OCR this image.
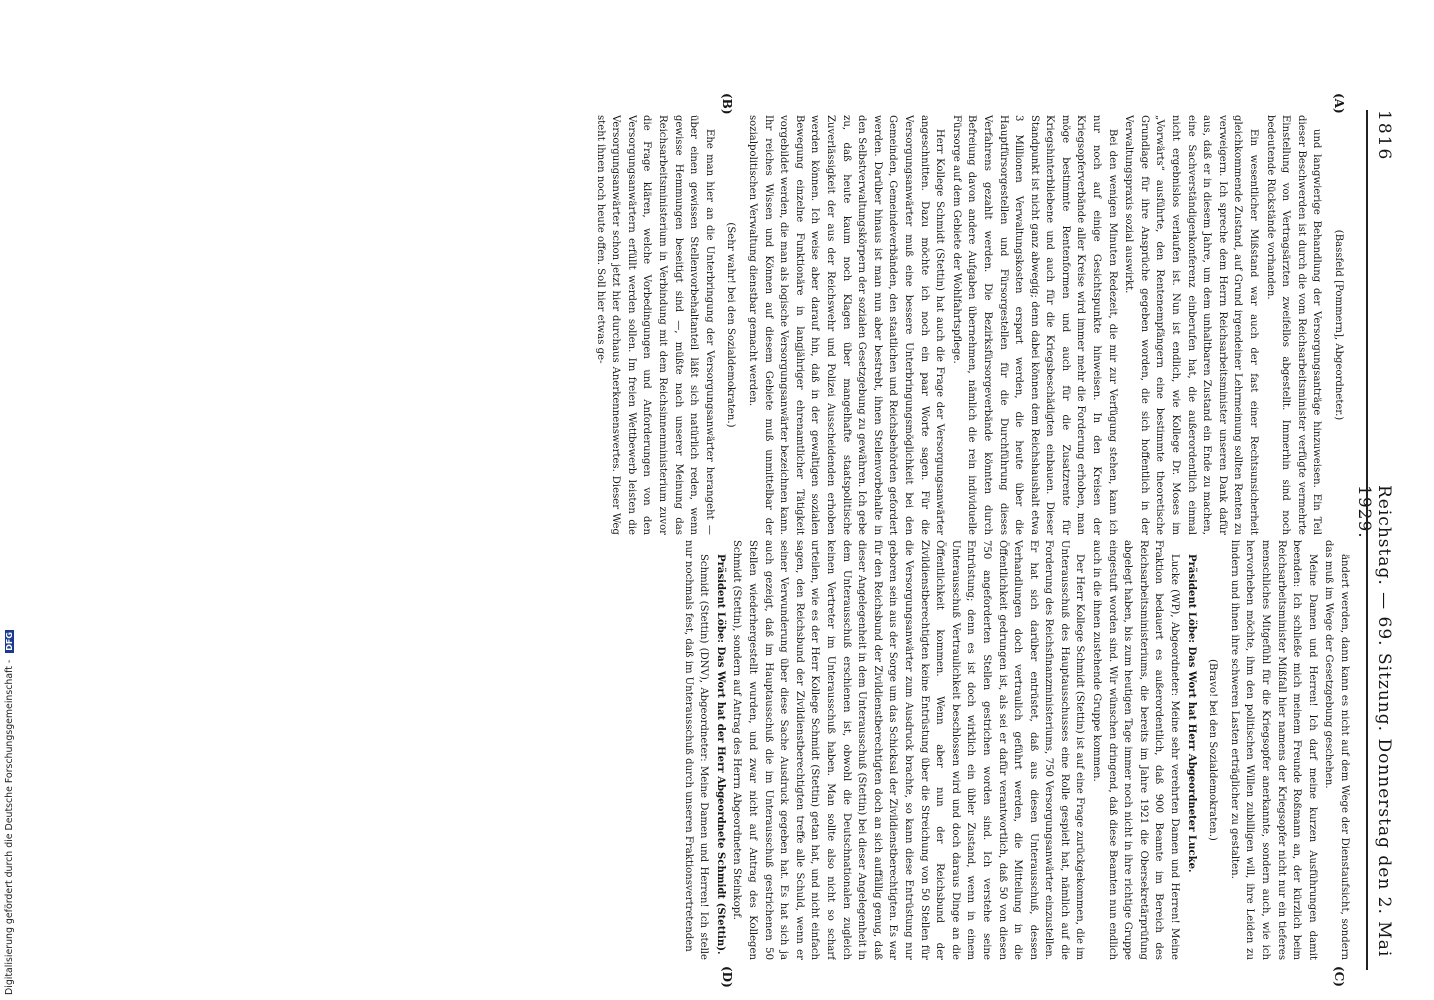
1816
Reichstag. — 69. Sitzung. Donnerstag den 2. Mai 1929.
(A)
(B)
(C)
(D)

(Bassfeld [Pommern], Abgeordneter.)

und langwierige Behandlung der Versorgungsanträge hinzuweisen. Ein Teil dieser Beschwerden ist durch die vom Reichsarbeitsminister verfügte vermehrte Einstellung von Vertragsärzten zweifellos abgestellt. Immerhin sind noch bedeutende Rückstände vorhanden.

Ein wesentlicher Mißstand war auch der fast einer Rechtsunsicherheit gleichkommende Zustand, auf Grund irgendeiner Lehrmeinung sollten Renten zu verweigern. Ich spreche dem Herrn Reichsarbeitsminister unseren Dank dafür aus, daß er in diesem Jahre, um dem unhaltbaren Zustand ein Ende zu machen, eine Sachverständigenkonferenz einberufen hat, die außerordentlich einmal nicht ergebnislos verlaufen ist. Nun ist endlich, wie Kollege Dr. Moses im „Vorwärts“ ausführte, den Rentenempfängern eine bestimmte theoretische Grundlage für ihre Ansprüche gegeben worden, die sich hoffentlich in der Verwaltungspraxis sozial auswirkt.

Bei den wenigen Minuten Redezeit, die mir zur Verfügung stehen, kann ich nur noch auf einige Gesichtspunkte hinweisen. In den Kreisen der Kriegsopferverbände aller Kreise wird immer mehr die Forderung erhoben, man möge bestimmte Rentenformen und auch für die Zusatzrente für Kriegshinterbliebene und auch für die Kriegsbeschädigten einbauen. Dieser Standpunkt ist nicht ganz abwegig; denn dabei können dem Reichshaushalt etwa 3 Millionen Verwaltungskosten erspart werden, die heute über die Hauptfürsorgestellen und Fürsorgestellen für die Durchführung dieses Verfahrens gezahlt werden. Die Bezirksfürsorgeverbände könnten durch Befreiung davon andere Aufgaben übernehmen, nämlich die rein individuelle Fürsorge auf dem Gebiete der Wohlfahrtspflege.

Herr Kollege Schmidt (Stettin) hat auch die Frage der Versorgungsanwärter angeschnitten. Dazu möchte ich noch ein paar Worte sagen. Für die Versorgungsanwärter muß eine bessere Unterbringungsmöglichkeit bei den Gemeinden, Gemeindeverbänden, den staatlichen und Reichsbehörden gefordert werden. Darüber hinaus ist man nun aber bestrebt, ihnen Stellenvorbehalte in den Selbstverwaltungskörpern der sozialen Gesetzgebung zu gewähren. Ich gebe zu, daß heute kaum noch Klagen über mangelhafte staatspolitische Zuverlässigkeit der aus der Reichswehr und Polizei Ausscheidenden erhoben werden können. Ich weise aber darauf hin, daß in der gewaltigen sozialen Bewegung einzelne Funktionäre in langjähriger ehrenamtlicher Tätigkeit vorgebildet werden, die man als logische Versorgungsanwärter bezeichnen kann. Ihr reiches Wissen und Können auf diesem Gebiete muß unmittelbar der sozialpolitischen Verwaltung dienstbar gemacht werden.

(Sehr wahr! bei den Sozialdemokraten.)

Ehe man hier an die Unterbringung der Versorgungsanwärter herangeht — über einen gewissen Stellenvorbehaltanteil läßt sich natürlich reden, wenn gewisse Hemmungen beseitigt sind —, müßte nach unserer Meinung das Reichsarbeitsministerium in Verbindung mit dem Reichsinnenministerium zuvor die Frage klären, welche Vorbedingungen und Anforderungen von den Versorgungsanwärtern erfüllt werden sollen. Im freien Wettbewerb leisten die Versorgungsanwärter schon jetzt hier durchaus Anerkennenswertes. Dieser Weg steht ihnen noch heute offen. Soll hier etwas ge-

ändert werden, dann kann es nicht auf dem Wege der Dienstaufsicht, sondern das muß im Wege der Gesetzgebung geschehen.

Meine Damen und Herren! Ich darf meine kurzen Ausführungen damit beenden: Ich schließe mich meinem Freunde Roßmann an, der kürzlich beim Reichsarbeitsminister Mißfall hier namens der Kriegsopfer nicht nur ein tieferes menschliches Mitgefühl für die Kriegsopfer anerkannte, sondern auch, wie ich hervorheben möchte, ihm den politischen Willen zubilligen will, ihre Leiden zu lindern und ihnen ihre schweren Lasten erträglicher zu gestalten.

(Bravo! bei den Sozialdemokraten.)

Präsident Löbe: Das Wort hat Herr Abgeordneter Lucke.

Lucke (WP), Abgeordneter: Meine sehr verehrten Damen und Herren! Meine Fraktion bedauert es außerordentlich, daß 900 Beamte im Bereich des Reichsarbeitsministeriums, die bereits im Jahre 1921 die Obersekretärprüfung abgelegt haben, bis zum heutigen Tage immer noch nicht in ihre richtige Gruppe eingestuft worden sind. Wir wünschen dringend, daß diese Beamten nun endlich auch in die ihnen zustehende Gruppe kommen.

Der Herr Kollege Schmidt (Stettin) ist auf eine Frage zurückgekommen, die im Unterausschuß des Hauptausschusses eine Rolle gespielt hat, nämlich auf die Forderung des Reichsfinanzministeriums, 750 Versorgungsanwärter einzustellen. Er hat sich darüber entrüstet, daß aus diesen Unterausschuß, dessen Verhandlungen doch vertraulich geführt werden, die Mitteilung in die Öffentlichkeit gedrungen ist, als sei er dafür verantwortlich, daß 50 von diesen 750 angeforderten Stellen gestrichen worden sind. Ich verstehe seine Entrüstung; denn es ist doch wirklich ein übler Zustand, wenn in einem Unterausschuß Vertraulichkeit beschlossen wird und doch daraus Dinge an die Öffentlichkeit kommen. Wenn aber nun der Reichsbund der Zivildienstberechtigten keine Entrüstung über die Streichung von 50 Stellen für die Versorgungsanwärter zum Ausdruck brachte, so kann diese Entrüstung nur geboren sein aus der Sorge um das Schicksal der Zivildienstberechtigten. Es war für den Reichsbund der Zivildienstberechtigten doch an sich auffällig genug, daß dieser Angelegenheit in dem Unterausschuß (Stettin) bei dieser Angelegenheit in dem Unterausschuß erschienen ist, obwohl die Deutschnationalen zugleich keinen Vertreter im Unterausschuß haben. Man sollte also nicht so scharf urteilen, wie es der Herr Kollege Schmidt (Stettin) getan hat, und nicht einfach sagen, den Reichsbund der Zivildienstberechtigten treffe alle Schuld, wenn er seiner Verwunderung über diese Sache Ausdruck gegeben hat. Es hat sich ja auch gezeigt, daß im Hauptausschuß die im Unterausschuß gestrichenen 50 Stellen wiederhergestellt wurden, und zwar nicht auf Antrag des Kollegen Schmidt (Stettin), sondern auf Antrag des Herrn Abgeordneten Steinkopf.

Präsident Löbe: Das Wort hat der Herr Abgeordnete Schmidt (Stettin).

Schmidt (Stettin) (DNV), Abgeordneter: Meine Damen und Herren! Ich stelle nur nochmals fest, daß im Unterausschuß durch unseren Fraktionsvertretenden

Digitalisierung gefördert durch die Deutsche Forschungsgemeinschaft - DFG
